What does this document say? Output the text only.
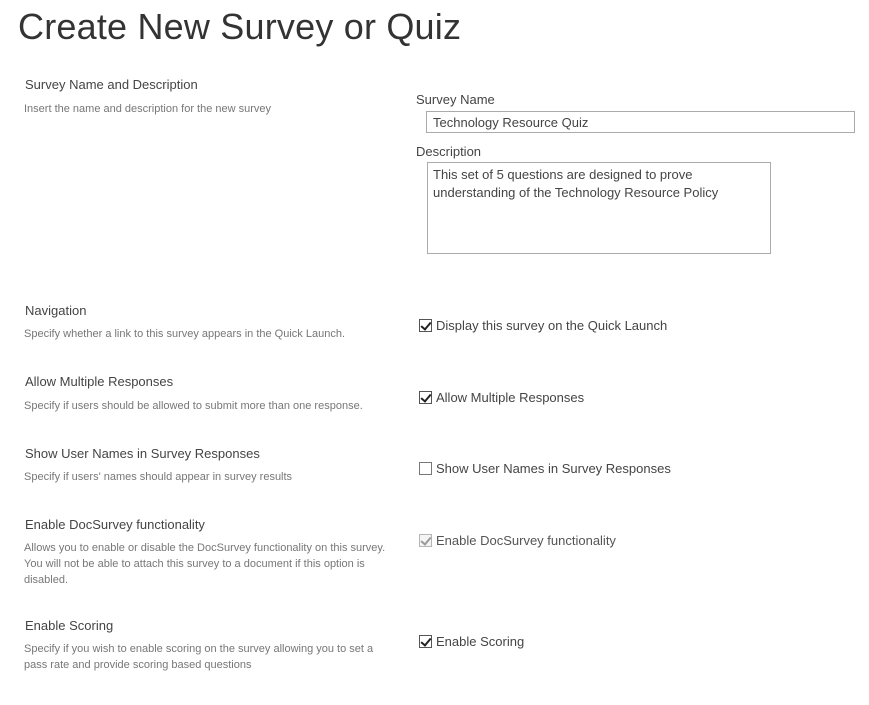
Create New Survey or Quiz
Survey Name and Description
Insert the name and description for the new survey
Survey Name
Technology Resource Quiz
Description
This set of 5 questions are designed to prove understanding of the Technology Resource Policy
Navigation
Specify whether a link to this survey appears in the Quick Launch.
Display this survey on the Quick Launch
Allow Multiple Responses
Specify if users should be allowed to submit more than one response.
Allow Multiple Responses
Show User Names in Survey Responses
Specify if users' names should appear in survey results
Show User Names in Survey Responses
Enable DocSurvey functionality
Allows you to enable or disable the DocSurvey functionality on this survey. You will not be able to attach this survey to a document if this option is disabled.
Enable DocSurvey functionality
Enable Scoring
Specify if you wish to enable scoring on the survey allowing you to set a pass rate and provide scoring based questions
Enable Scoring
